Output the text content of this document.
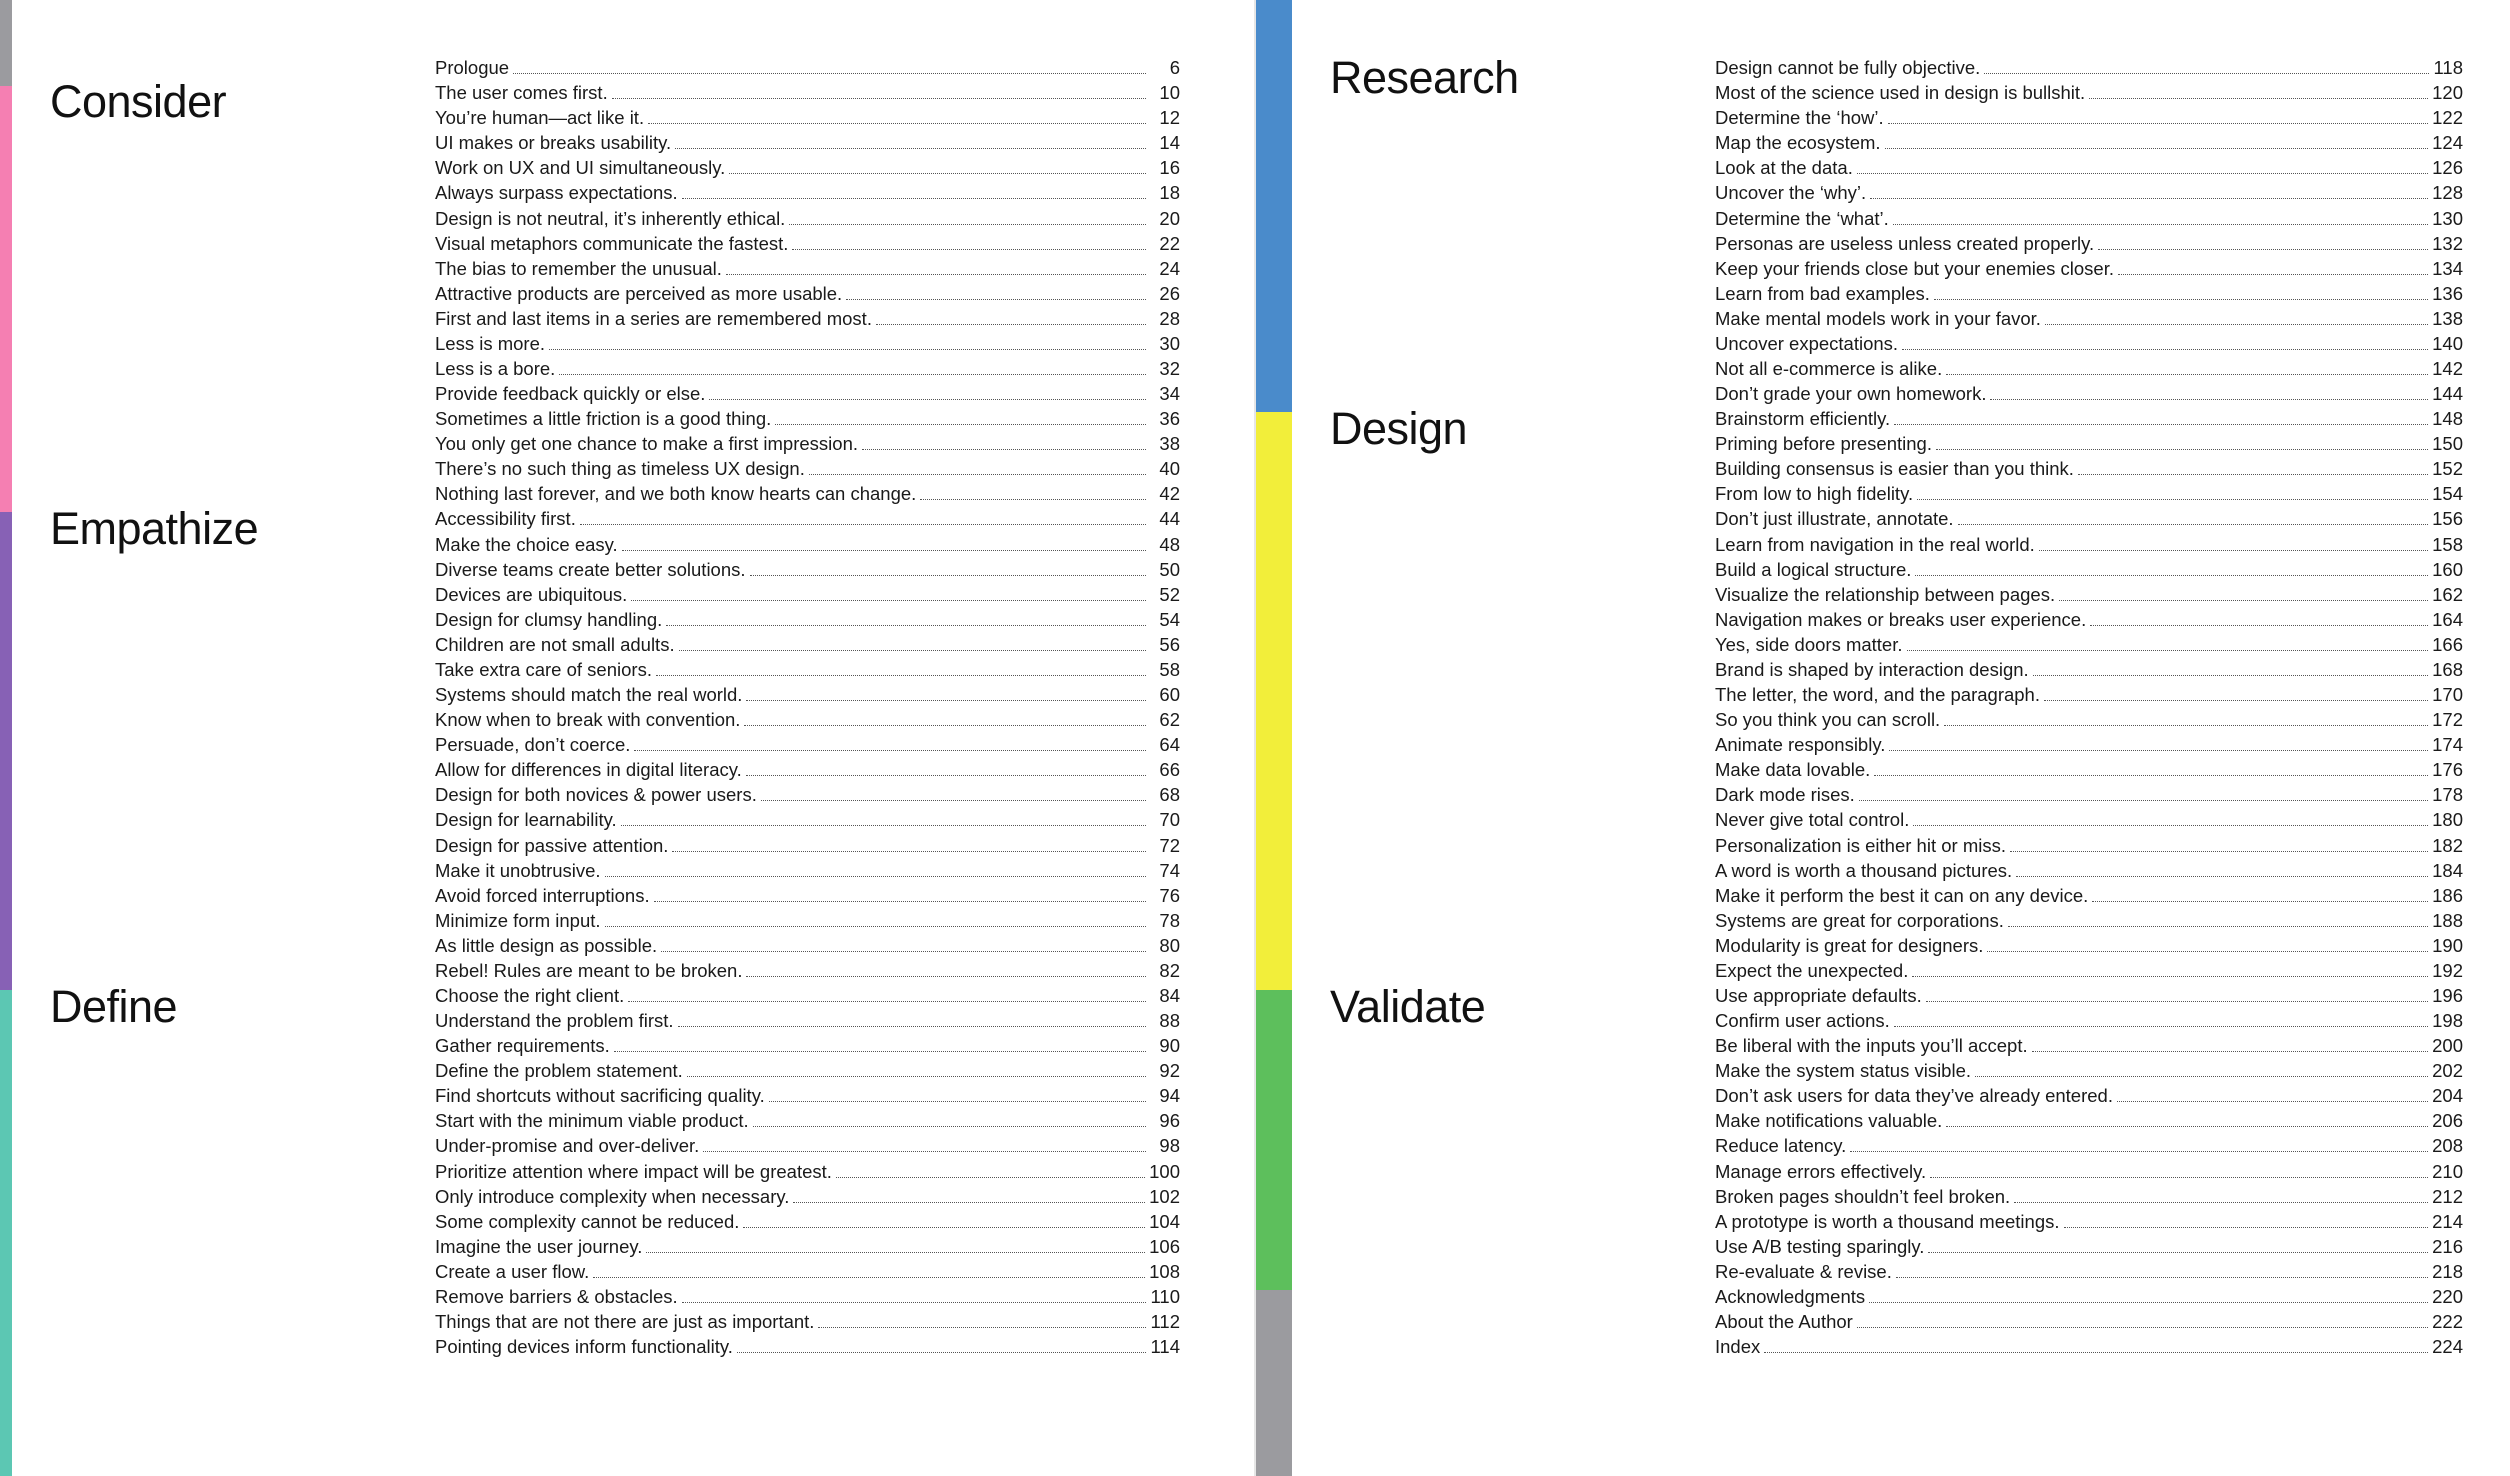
Consider
Empathize
Define
Prologue	6
The user comes first.	10
You’re human—act like it.	12
UI makes or breaks usability.	14
Work on UX and UI simultaneously.	16
Always surpass expectations.	18
Design is not neutral, it’s inherently ethical.	20
Visual metaphors communicate the fastest.	22
The bias to remember the unusual.	24
Attractive products are perceived as more usable.	26
First and last items in a series are remembered most.	28
Less is more.	30
Less is a bore.	32
Provide feedback quickly or else.	34
Sometimes a little friction is a good thing.	36
You only get one chance to make a first impression.	38
There’s no such thing as timeless UX design.	40
Nothing last forever, and we both know hearts can change.	42
Accessibility first.	44
Make the choice easy.	48
Diverse teams create better solutions.	50
Devices are ubiquitous.	52
Design for clumsy handling.	54
Children are not small adults.	56
Take extra care of seniors.	58
Systems should match the real world.	60
Know when to break with convention.	62
Persuade, don’t coerce.	64
Allow for differences in digital literacy.	66
Design for both novices & power users.	68
Design for learnability.	70
Design for passive attention.	72
Make it unobtrusive.	74
Avoid forced interruptions.	76
Minimize form input.	78
As little design as possible.	80
Rebel! Rules are meant to be broken.	82
Choose the right client.	84
Understand the problem first.	88
Gather requirements.	90
Define the problem statement.	92
Find shortcuts without sacrificing quality.	94
Start with the minimum viable product.	96
Under-promise and over-deliver.	98
Prioritize attention where impact will be greatest.	100
Only introduce complexity when necessary.	102
Some complexity cannot be reduced.	104
Imagine the user journey.	106
Create a user flow.	108
Remove barriers & obstacles.	110
Things that are not there are just as important.	112
Pointing devices inform functionality.	114
Research
Design
Validate
Design cannot be fully objective.	118
Most of the science used in design is bullshit.	120
Determine the ‘how’.	122
Map the ecosystem.	124
Look at the data.	126
Uncover the ‘why’.	128
Determine the ‘what’.	130
Personas are useless unless created properly.	132
Keep your friends close but your enemies closer.	134
Learn from bad examples.	136
Make mental models work in your favor.	138
Uncover expectations.	140
Not all e-commerce is alike.	142
Don’t grade your own homework.	144
Brainstorm efficiently.	148
Priming before presenting.	150
Building consensus is easier than you think.	152
From low to high fidelity.	154
Don’t just illustrate, annotate.	156
Learn from navigation in the real world.	158
Build a logical structure.	160
Visualize the relationship between pages.	162
Navigation makes or breaks user experience.	164
Yes, side doors matter.	166
Brand is shaped by interaction design.	168
The letter, the word, and the paragraph.	170
So you think you can scroll.	172
Animate responsibly.	174
Make data lovable.	176
Dark mode rises.	178
Never give total control.	180
Personalization is either hit or miss.	182
A word is worth a thousand pictures.	184
Make it perform the best it can on any device.	186
Systems are great for corporations.	188
Modularity is great for designers.	190
Expect the unexpected.	192
Use appropriate defaults.	196
Confirm user actions.	198
Be liberal with the inputs you’ll accept.	200
Make the system status visible.	202
Don’t ask users for data they’ve already entered.	204
Make notifications valuable.	206
Reduce latency.	208
Manage errors effectively.	210
Broken pages shouldn’t feel broken.	212
A prototype is worth a thousand meetings.	214
Use A/B testing sparingly.	216
Re-evaluate & revise.	218
Acknowledgments	220
About the Author	222
Index	224
